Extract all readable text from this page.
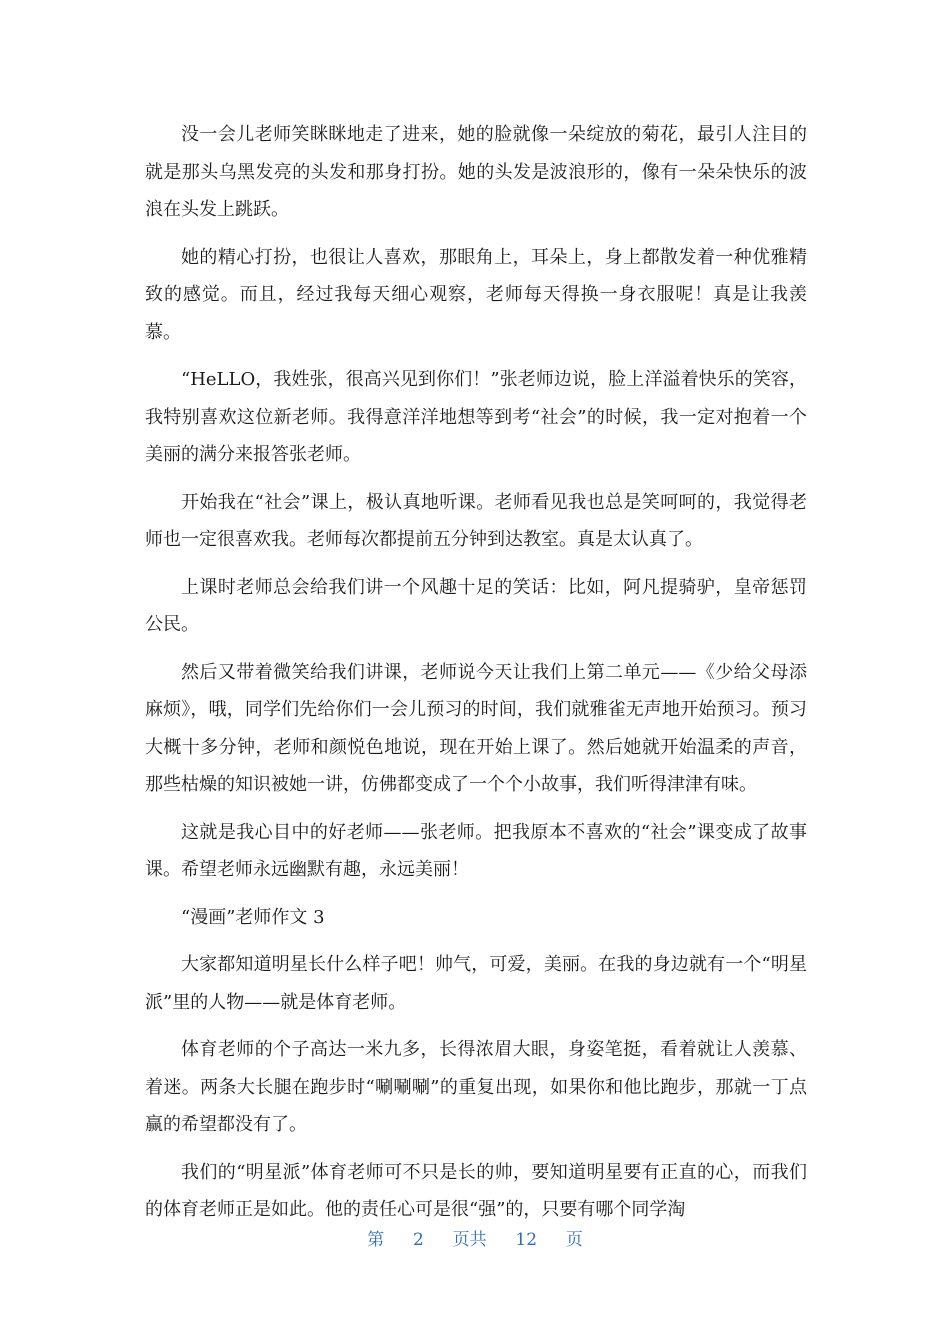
没一会儿老师笑眯眯地走了进来，她的脸就像一朵绽放的菊花，最引人注目的就是那头乌黑发亮的头发和那身打扮。她的头发是波浪形的，像有一朵朵快乐的波浪在头发上跳跃。

她的精心打扮，也很让人喜欢，那眼角上，耳朵上，身上都散发着一种优雅精致的感觉。而且，经过我每天细心观察，老师每天得换一身衣服呢！真是让我羡慕。

“HeLLO，我姓张，很高兴见到你们！”张老师边说，脸上洋溢着快乐的笑容，我特别喜欢这位新老师。我得意洋洋地想等到考“社会”的时候，我一定对抱着一个美丽的满分来报答张老师。

开始我在“社会”课上，极认真地听课。老师看见我也总是笑呵呵的，我觉得老师也一定很喜欢我。老师每次都提前五分钟到达教室。真是太认真了。

上课时老师总会给我们讲一个风趣十足的笑话：比如，阿凡提骑驴，皇帝惩罚公民。

然后又带着微笑给我们讲课，老师说今天让我们上第二单元——《少给父母添麻烦》，哦，同学们先给你们一会儿预习的时间，我们就雅雀无声地开始预习。预习大概十多分钟，老师和颜悦色地说，现在开始上课了。然后她就开始温柔的声音，那些枯燥的知识被她一讲，仿佛都变成了一个个小故事，我们听得津津有味。

这就是我心目中的好老师——张老师。把我原本不喜欢的“社会”课变成了故事课。希望老师永远幽默有趣，永远美丽！

“漫画”老师作文 3

大家都知道明星长什么样子吧！帅气，可爱，美丽。在我的身边就有一个“明星派”里的人物——就是体育老师。

体育老师的个子高达一米九多，长得浓眉大眼，身姿笔挺，看着就让人羡慕、着迷。两条大长腿在跑步时“唰唰唰”的重复出现，如果你和他比跑步，那就一丁点赢的希望都没有了。

我们的“明星派”体育老师可不只是长的帅，要知道明星要有正直的心，而我们的体育老师正是如此。他的责任心可是很“强”的，只要有哪个同学淘

第 2 页共 12 页
